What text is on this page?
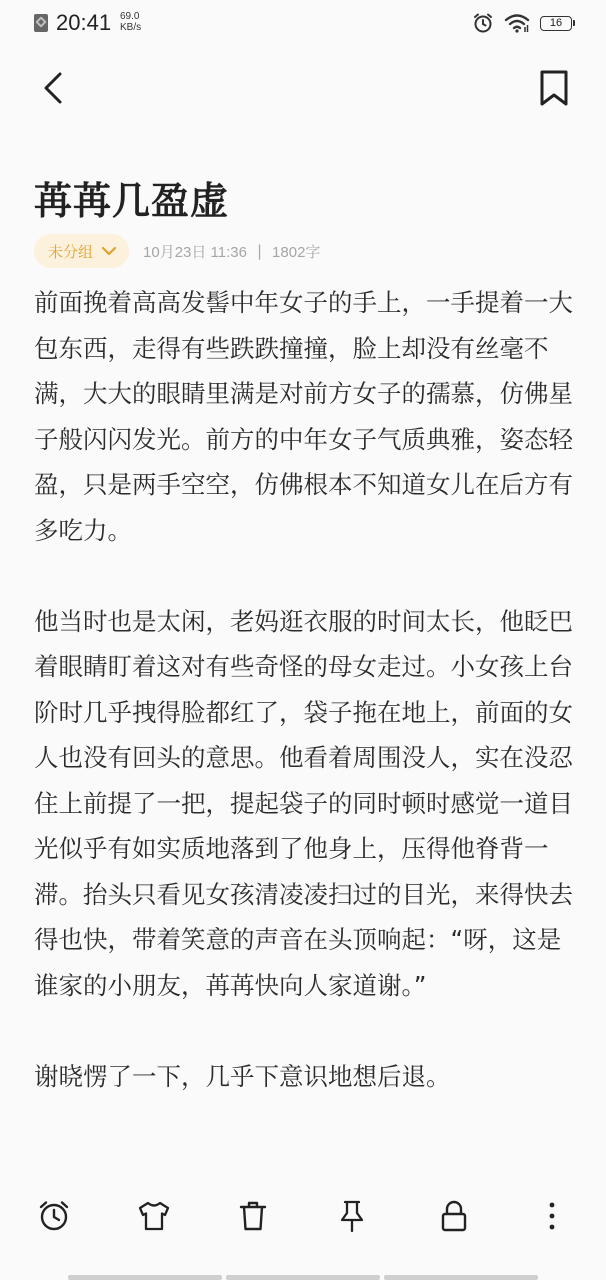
20:41 69.0
KB/s	16
苒苒几盈虚
未分组	10月23日 11:36 | 1802字

前面挽着高高发髻中年女子的手上，一手提着一大包东西，走得有些跌跌撞撞，脸上却没有丝毫不满，大大的眼睛里满是对前方女子的孺慕，仿佛星子般闪闪发光。前方的中年女子气质典雅，姿态轻盈，只是两手空空，仿佛根本不知道女儿在后方有多吃力。

他当时也是太闲，老妈逛衣服的时间太长，他眨巴着眼睛盯着这对有些奇怪的母女走过。小女孩上台阶时几乎拽得脸都红了，袋子拖在地上，前面的女人也没有回头的意思。他看着周围没人，实在没忍住上前提了一把，提起袋子的同时顿时感觉一道目光似乎有如实质地落到了他身上，压得他脊背一滞。抬头只看见女孩清凌凌扫过的目光，来得快去得也快，带着笑意的声音在头顶响起：“呀，这是谁家的小朋友，苒苒快向人家道谢。”

谢晓愣了一下，几乎下意识地想后退。
